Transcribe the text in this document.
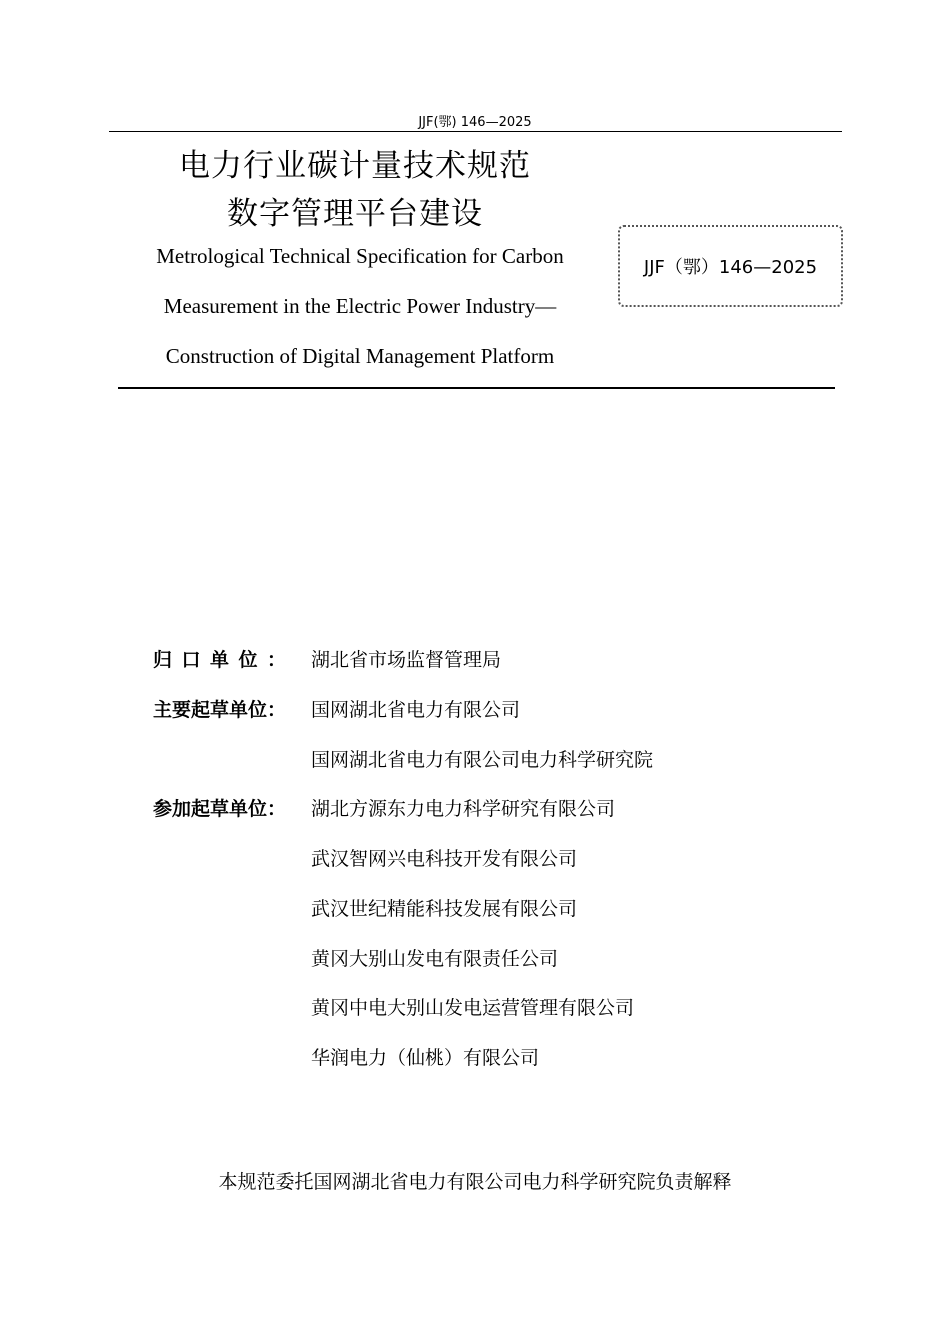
JJF(鄂) 146—2025
电力行业碳计量技术规范
数字管理平台建设
Metrological Technical Specification for Carbon
Measurement in the Electric Power Industry—
Construction of Digital Management Platform
JJF（鄂）146—2025
归口单位： 湖北省市场监督管理局
主要起草单位： 国网湖北省电力有限公司
国网湖北省电力有限公司电力科学研究院
参加起草单位： 湖北方源东力电力科学研究有限公司
武汉智网兴电科技开发有限公司
武汉世纪精能科技发展有限公司
黄冈大别山发电有限责任公司
黄冈中电大别山发电运营管理有限公司
华润电力（仙桃）有限公司
本规范委托国网湖北省电力有限公司电力科学研究院负责解释
